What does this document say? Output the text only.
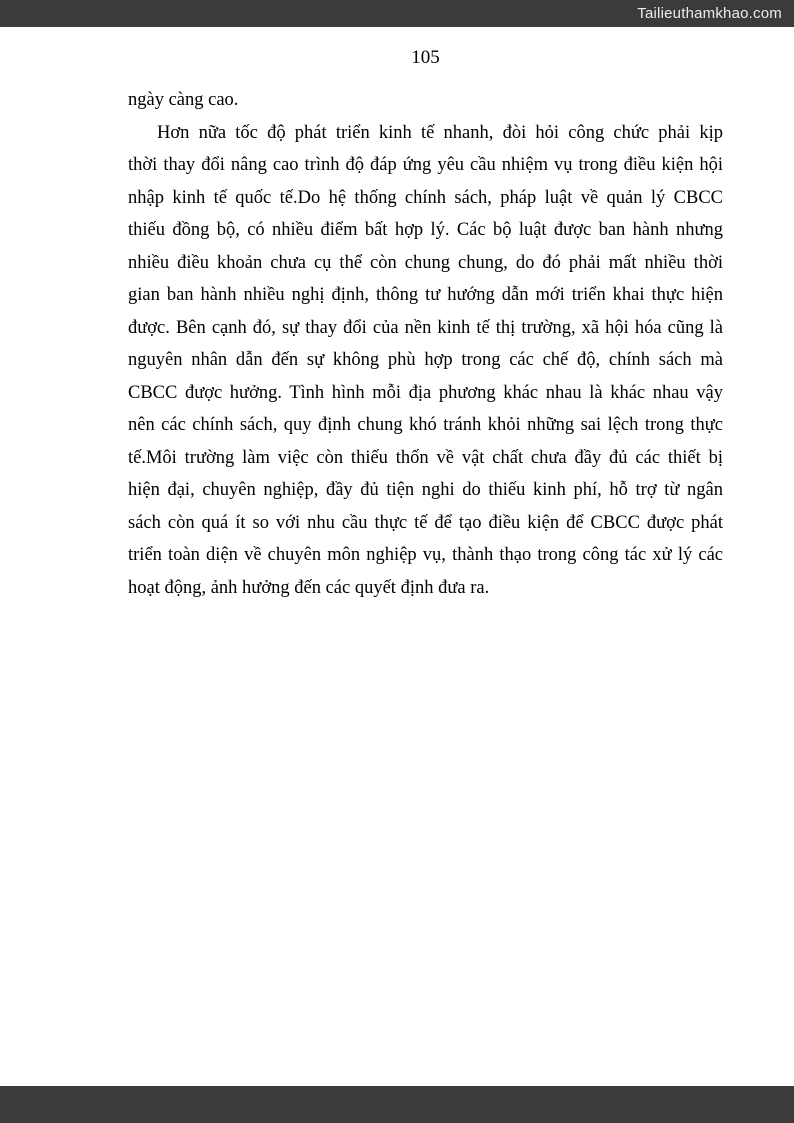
Tailieuthamkhao.com
105
ngày càng cao.
Hơn nữa tốc độ phát triển kinh tế nhanh, đòi hỏi công chức phải kịp
thời thay đổi nâng cao trình độ đáp ứng yêu cầu nhiệm vụ trong điều kiện hội
nhập kinh tế quốc tế.Do hệ thống chính sách, pháp luật về quản lý CBCC
thiếu đồng bộ, có nhiều điểm bất hợp lý. Các bộ luật được ban hành nhưng
nhiều điều khoản chưa cụ thể còn chung chung, do đó phải mất nhiều thời
gian ban hành nhiều nghị định, thông tư hướng dẫn mới triển khai thực hiện
được. Bên cạnh đó, sự thay đổi của nền kinh tế thị trường, xã hội hóa cũng là
nguyên nhân dẫn đến sự không phù hợp trong các chế độ, chính sách mà
CBCC được hưởng. Tình hình mỗi địa phương khác nhau là khác nhau vậy
nên các chính sách, quy định chung khó tránh khỏi những sai lệch trong thực
tế.Môi trường làm việc còn thiếu thốn về vật chất chưa đầy đủ các thiết bị
hiện đại, chuyên nghiệp, đầy đủ tiện nghi do thiếu kinh phí, hỗ trợ từ ngân
sách còn quá ít so với nhu cầu thực tế để tạo điều kiện để CBCC được phát
triển toàn diện về chuyên môn nghiệp vụ, thành thạo trong công tác xử lý các
hoạt động, ảnh hưởng đến các quyết định đưa ra.
